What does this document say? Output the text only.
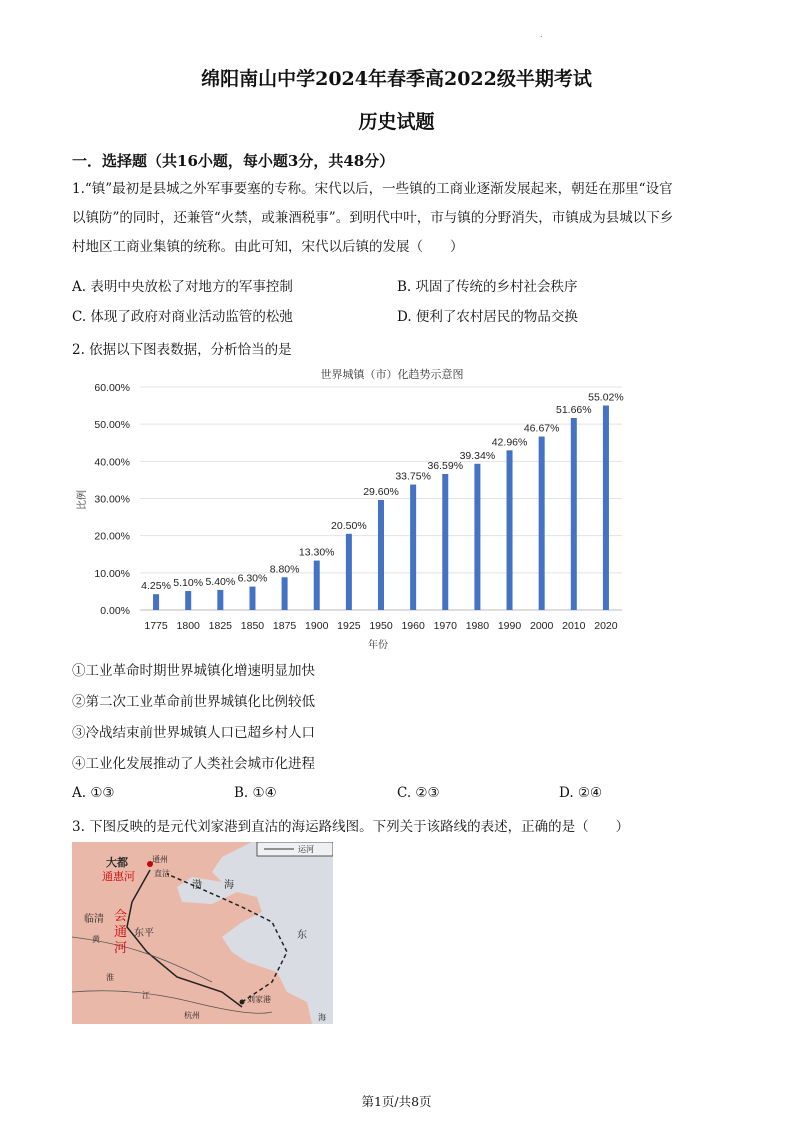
.
绵阳南山中学2024年春季高2022级半期考试
历史试题
一．选择题（共16小题，每小题3分，共48分）
1.“镇”最初是县城之外军事要塞的专称。宋代以后，一些镇的工商业逐渐发展起来，朝廷在那里“设官
以镇防”的同时，还兼管“火禁，或兼酒税事”。到明代中叶，市与镇的分野消失，市镇成为县城以下乡
村地区工商业集镇的统称。由此可知，宋代以后镇的发展（　　）
A. 表明中央放松了对地方的军事控制	B. 巩固了传统的乡村社会秩序
C. 体现了政府对商业活动监管的松弛	D. 便利了农村居民的物品交换
2. 依据以下图表数据，分析恰当的是
世界城镇（市）化趋势示意图
比例
年份
4.25% 5.10% 5.40% 6.30%
8.80%
13.30%
20.50%
29.60%
33.75%
36.59%
39.34%
42.96%
46.67%
51.66%
55.02%
0.00%
10.00%
20.00%
30.00%
40.00%
50.00%
60.00%
1775 1800 1825 1850 1875 1900 1925 1950 1960 1970 1980 1990 2000 2010 2020
①工业革命时期世界城镇化增速明显加快
②第二次工业革命前世界城镇化比例较低
③冷战结束前世界城镇人口已超乡村人口
④工业化发展推动了人类社会城市化进程
A. ①③	B. ①④	C. ②③	D. ②④
3. 下图反映的是元代刘家港到直沽的海运路线图。下列关于该路线的表述，正确的是（　　）
大都	通州
直沽
通惠河
渤 海
临清 会
通
河
东平
黄	东
淮
江
杭州
刘家港
运河
海
第1页/共8页
